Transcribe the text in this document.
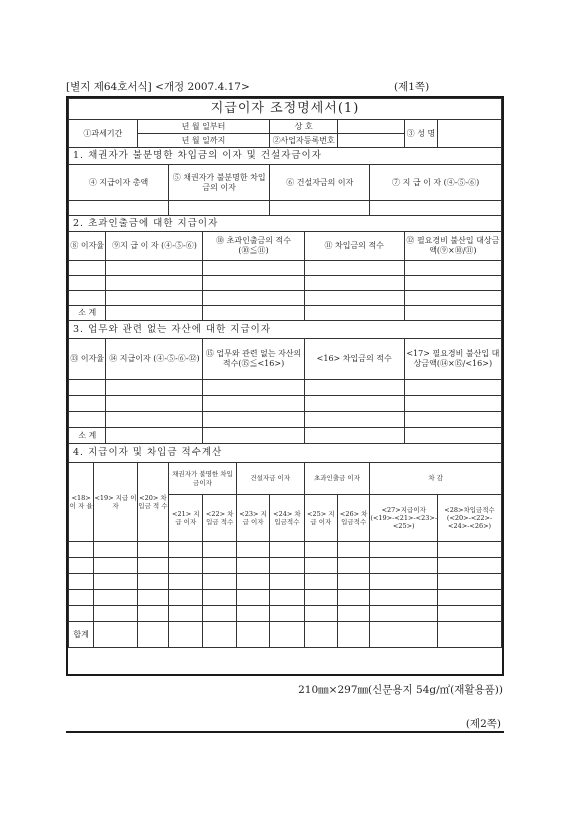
[별지 제64호서식] <개정 2007.4.17>	(제1쪽)
지급이자 조정명세서(1)												
①과세기간			년 월 일부터				상 호				③ 성 명	
			년 월 일까지				②사업자등록번호					
1. 채권자가 불분명한 차입금의 이자 및 건설자금이자												
④ 지급이자 총액				⑤ 채권자가 불분명한 차입금의 이자			⑥ 건설자금의 이자			⑦ 지 급 이 자 (④-⑤-⑥)		

2. 초과인출금에 대한 지급이자												
⑧ 이자율		⑨지 급 이 자 (④-⑤-⑥)			⑩ 초과인출금의 적수 (⑩≦⑪)			⑪ 차입금의 적수			⑫ 필요경비 불산입 대상금액(⑨×⑩/⑪)	

소 계												
3. 업무와 관련 없는 자산에 대한 지급이자												
⑬ 이자율		⑭ 지급이자 (④-⑤-⑥-⑫)			⑮ 업무와 관련 없는 자산의 적수(⑮≦<16>)			<16> 차입금의 적수			<17> 필요경비 불산입 대상금액(⑭×⑮/<16>)	

소 계												
4. 지급이자 및 차입금 적수계산												
<18> 이 자 율	<19> 지급 이자		<20> 차입금 적 수	채권자가 불명한 차입금이자		건설자금 이자		초과인출금 이자		차 감		
				<21> 지급 이자	<22> 차입금 적수	<23> 지급 이자	<24> 차입금적수	<25> 지급 이자	<26> 차입금적수	<27>지급이자 (<19>-<21>-<23>-<25>)		<28>차입금적수 (<20>-<22>-<24>-<26>)

합계												
210㎜×297㎜(신문용지 54g/㎡(재활용품))
(제2쪽)
